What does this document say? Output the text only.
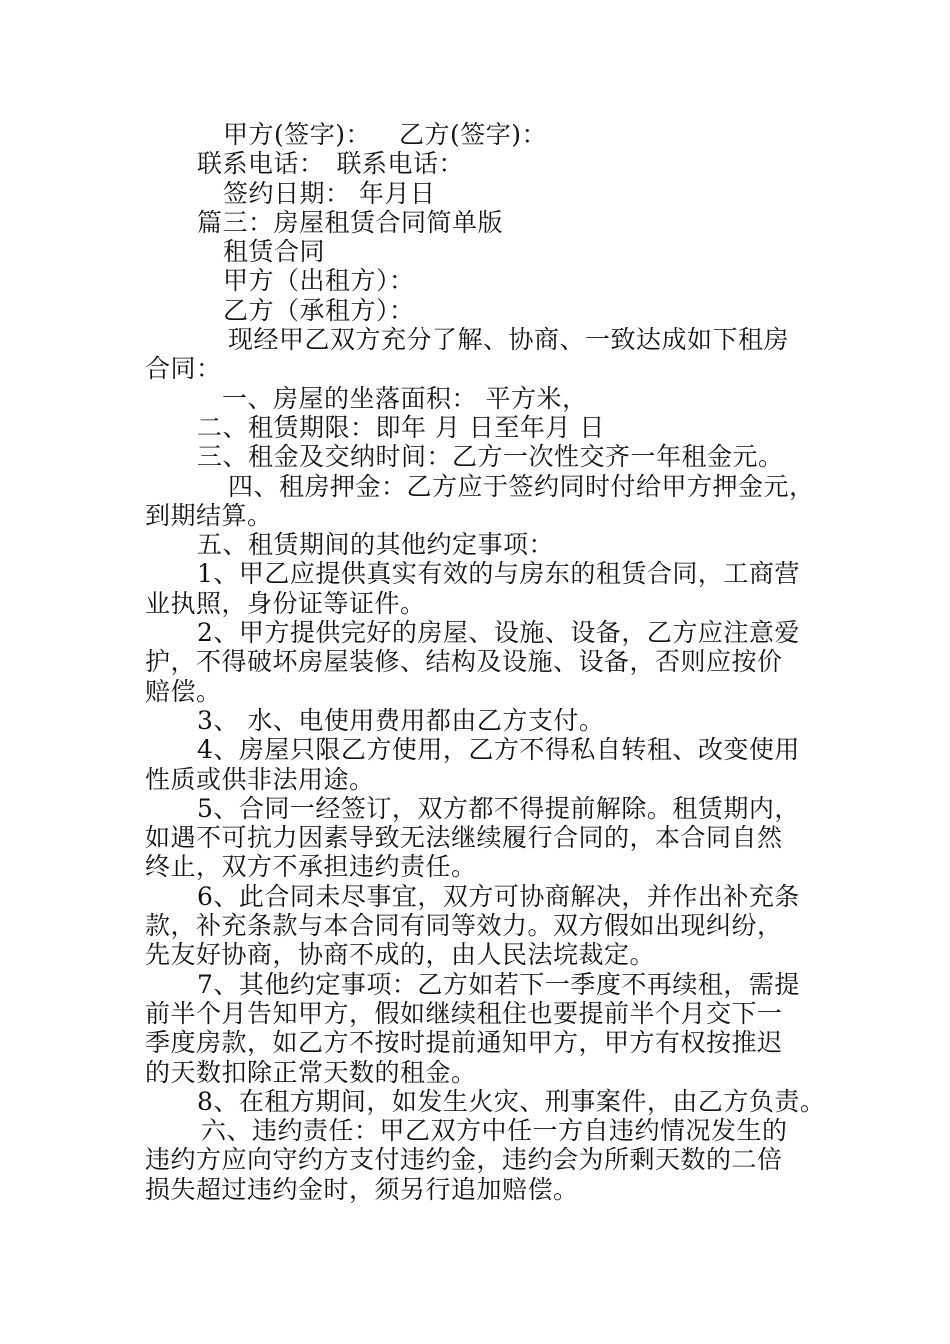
甲方(签字)： 乙方(签字)：
联系电话： 联系电话：
签约日期： 年月日
篇三：房屋租赁合同简单版
租赁合同
甲方（出租方）：
乙方（承租方）：
现经甲乙双方充分了解、协商、一致达成如下租房
合同：
一、房屋的坐落面积： 平方米，
二、租赁期限：即年 月 日至年月 日
三、租金及交纳时间：乙方一次性交齐一年租金元。
四、租房押金：乙方应于签约同时付给甲方押金元，
到期结算。
五、租赁期间的其他约定事项：
1、甲乙应提供真实有效的与房东的租赁合同，工商营
业执照，身份证等证件。
2、甲方提供完好的房屋、设施、设备，乙方应注意爱
护，不得破坏房屋装修、结构及设施、设备，否则应按价
赔偿。
3、 水、电使用费用都由乙方支付。
4、房屋只限乙方使用，乙方不得私自转租、改变使用
性质或供非法用途。
5、合同一经签订，双方都不得提前解除。租赁期内，
如遇不可抗力因素导致无法继续履行合同的，本合同自然
终止，双方不承担违约责任。
6、此合同未尽事宜，双方可协商解决，并作出补充条
款，补充条款与本合同有同等效力。双方假如出现纠纷，
先友好协商，协商不成的，由人民法垸裁定。
7、其他约定事项：乙方如若下一季度不再续租，需提
前半个月告知甲方，假如继续租住也要提前半个月交下一
季度房款，如乙方不按时提前通知甲方，甲方有权按推迟
的天数扣除正常天数的租金。
8、在租方期间，如发生火灾、刑事案件，由乙方负责。
六、违约责任：甲乙双方中任一方自违约情况发生的
违约方应向守约方支付违约金，违约会为所剩天数的二倍
损失超过违约金时，须另行追加赔偿。
